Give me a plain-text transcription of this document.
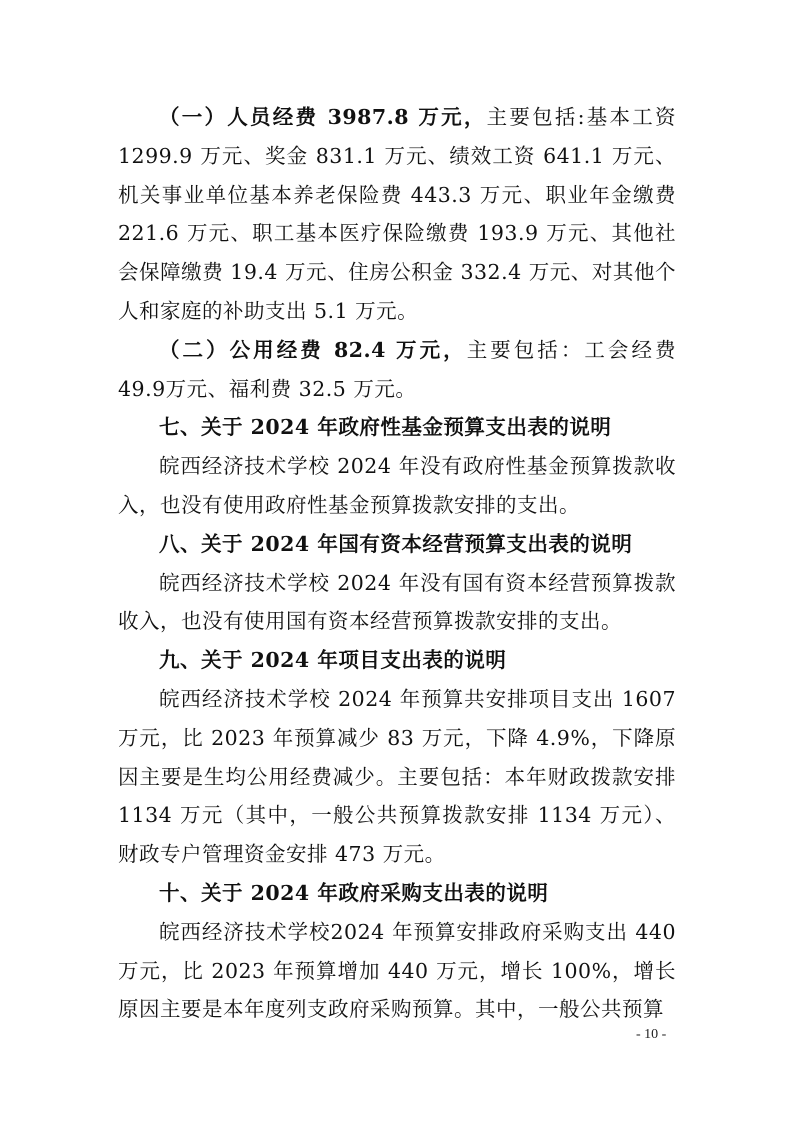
（一）人员经费 3987.8 万元，主要包括:基本工资1299.9 万元、奖金 831.1 万元、绩效工资 641.1 万元、机关事业单位基本养老保险费 443.3 万元、职业年金缴费221.6 万元、职工基本医疗保险缴费 193.9 万元、其他社会保障缴费 19.4 万元、住房公积金 332.4 万元、对其他个人和家庭的补助支出 5.1 万元。

（二）公用经费 82.4 万元，主要包括：工会经费 49.9万元、福利费 32.5 万元。

七、关于 2024 年政府性基金预算支出表的说明

皖西经济技术学校 2024 年没有政府性基金预算拨款收入，也没有使用政府性基金预算拨款安排的支出。

八、关于 2024 年国有资本经营预算支出表的说明

皖西经济技术学校 2024 年没有国有资本经营预算拨款收入，也没有使用国有资本经营预算拨款安排的支出。

九、关于 2024 年项目支出表的说明

皖西经济技术学校 2024 年预算共安排项目支出 1607万元，比 2023 年预算减少 83 万元，下降 4.9%，下降原因主要是生均公用经费减少。主要包括：本年财政拨款安排1134 万元（其中，一般公共预算拨款安排 1134 万元）、财政专户管理资金安排 473 万元。

十、关于 2024 年政府采购支出表的说明

皖西经济技术学校2024 年预算安排政府采购支出 440万元，比 2023 年预算增加 440 万元，增长 100%，增长原因主要是本年度列支政府采购预算。其中，一般公共预算

- 10 -
